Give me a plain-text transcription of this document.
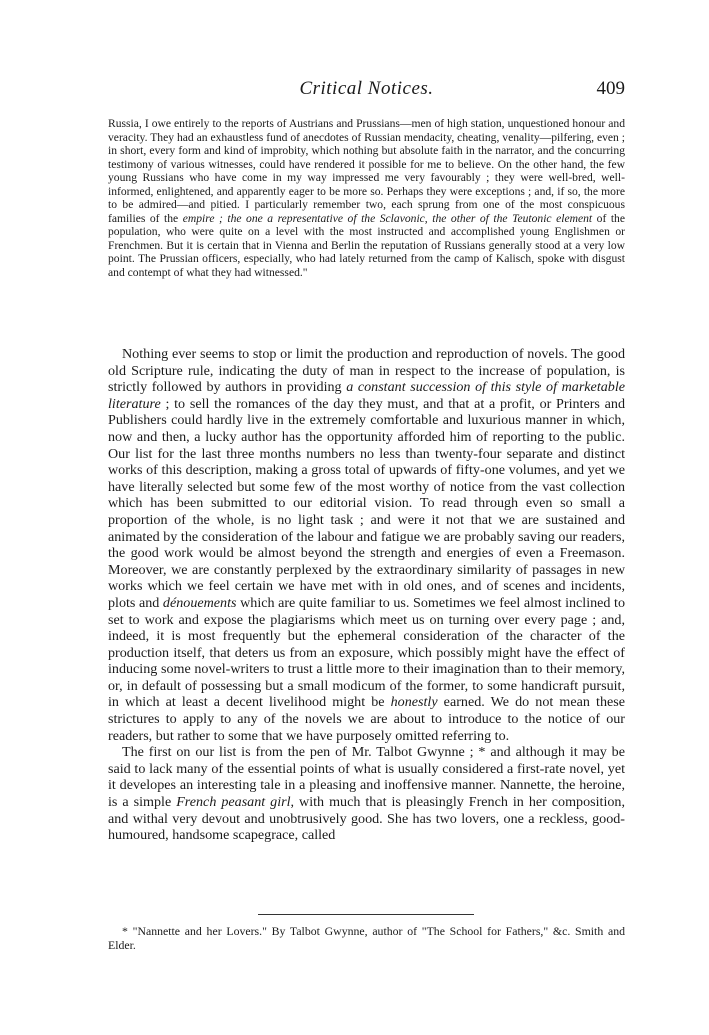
Critical Notices.	409

Russia, I owe entirely to the reports of Austrians and Prussians—men of high station, unquestioned honour and veracity. They had an exhaustless fund of anecdotes of Russian mendacity, cheating, venality—pilfering, even ; in short, every form and kind of improbity, which nothing but absolute faith in the narrator, and the concurring testimony of various witnesses, could have rendered it possible for me to believe. On the other hand, the few young Russians who have come in my way impressed me very favourably ; they were well-bred, well-informed, enlightened, and apparently eager to be more so. Perhaps they were exceptions ; and, if so, the more to be admired—and pitied. I particularly remember two, each sprung from one of the most conspicuous families of the empire ; the one a representative of the Sclavonic, the other of the Teutonic element of the population, who were quite on a level with the most instructed and accomplished young Englishmen or Frenchmen. But it is certain that in Vienna and Berlin the reputation of Russians generally stood at a very low point. The Prussian officers, especially, who had lately returned from the camp of Kalisch, spoke with disgust and contempt of what they had witnessed."

Nothing ever seems to stop or limit the production and reproduction of novels. The good old Scripture rule, indicating the duty of man in respect to the increase of population, is strictly followed by authors in providing a constant succession of this style of marketable literature ; to sell the romances of the day they must, and that at a profit, or Printers and Publishers could hardly live in the extremely comfortable and luxurious manner in which, now and then, a lucky author has the opportunity afforded him of reporting to the public. Our list for the last three months numbers no less than twenty-four separate and distinct works of this description, making a gross total of upwards of fifty-one volumes, and yet we have literally selected but some few of the most worthy of notice from the vast collection which has been submitted to our editorial vision. To read through even so small a proportion of the whole, is no light task ; and were it not that we are sustained and animated by the consideration of the labour and fatigue we are probably saving our readers, the good work would be almost beyond the strength and energies of even a Freemason. Moreover, we are constantly perplexed by the extraordinary similarity of passages in new works which we feel certain we have met with in old ones, and of scenes and incidents, plots and dénouements which are quite familiar to us. Sometimes we feel almost inclined to set to work and expose the plagiarisms which meet us on turning over every page ; and, indeed, it is most frequently but the ephemeral consideration of the character of the production itself, that deters us from an exposure, which possibly might have the effect of inducing some novel-writers to trust a little more to their imagination than to their memory, or, in default of possessing but a small modicum of the former, to some handicraft pursuit, in which at least a decent livelihood might be honestly earned. We do not mean these strictures to apply to any of the novels we are about to introduce to the notice of our readers, but rather to some that we have purposely omitted referring to.

The first on our list is from the pen of Mr. Talbot Gwynne ; * and although it may be said to lack many of the essential points of what is usually considered a first-rate novel, yet it developes an interesting tale in a pleasing and inoffensive manner. Nannette, the heroine, is a simple French peasant girl, with much that is pleasingly French in her composition, and withal very devout and unobtrusively good. She has two lovers, one a reckless, good-humoured, handsome scapegrace, called

* "Nannette and her Lovers." By Talbot Gwynne, author of "The School for Fathers," &c. Smith and Elder.
